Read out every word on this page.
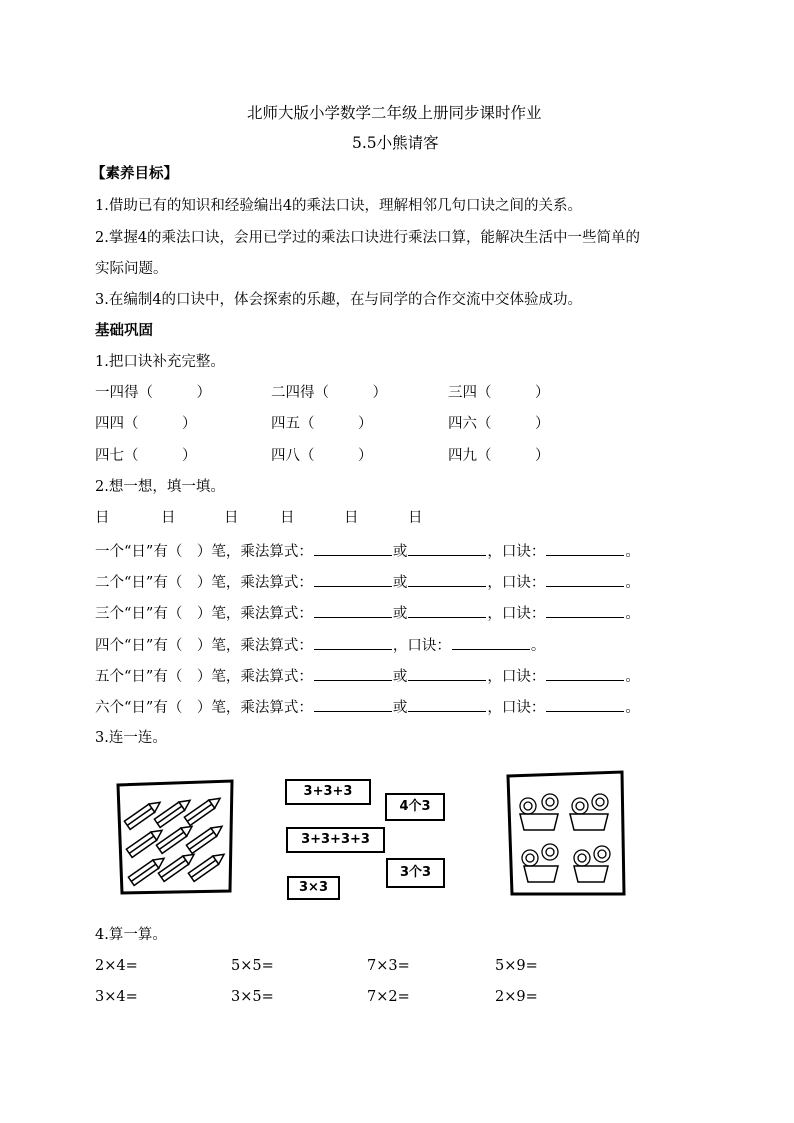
北师大版小学数学二年级上册同步课时作业
5.5小熊请客
【素养目标】
1.借助已有的知识和经验编出4的乘法口诀，理解相邻几句口诀之间的关系。
2.掌握4的乘法口诀，会用已学过的乘法口诀进行乘法口算，能解决生活中一些简单的
实际问题。
3.在编制4的口诀中，体会探索的乐趣，在与同学的合作交流中交体验成功。
基础巩固
1.把口诀补充完整。
一四得（　　　）	二四得（　　　）	三四（　　　）
四四（　　　）	四五（　　　）	四六（　　　）
四七（　　　）	四八（　　　）	四九（　　　）
2.想一想，填一填。
日	日	日	日	日	日
一个“日”有（　）笔，乘法算式：	或	，口诀：	。
二个“日”有（　）笔，乘法算式：	或	，口诀：	。
三个“日”有（　）笔，乘法算式：	或	，口诀：	。
四个“日”有（　）笔，乘法算式：	，口诀：	。
五个“日”有（　）笔，乘法算式：	或	，口诀：	。
六个“日”有（　）笔，乘法算式：	或	，口诀：	。
3.连一连。
3+3+3
4个3
3+3+3+3
3个3
3×3
4.算一算。
2×4=	5×5=	7×3=	5×9=
3×4=	3×5=	7×2=	2×9=
